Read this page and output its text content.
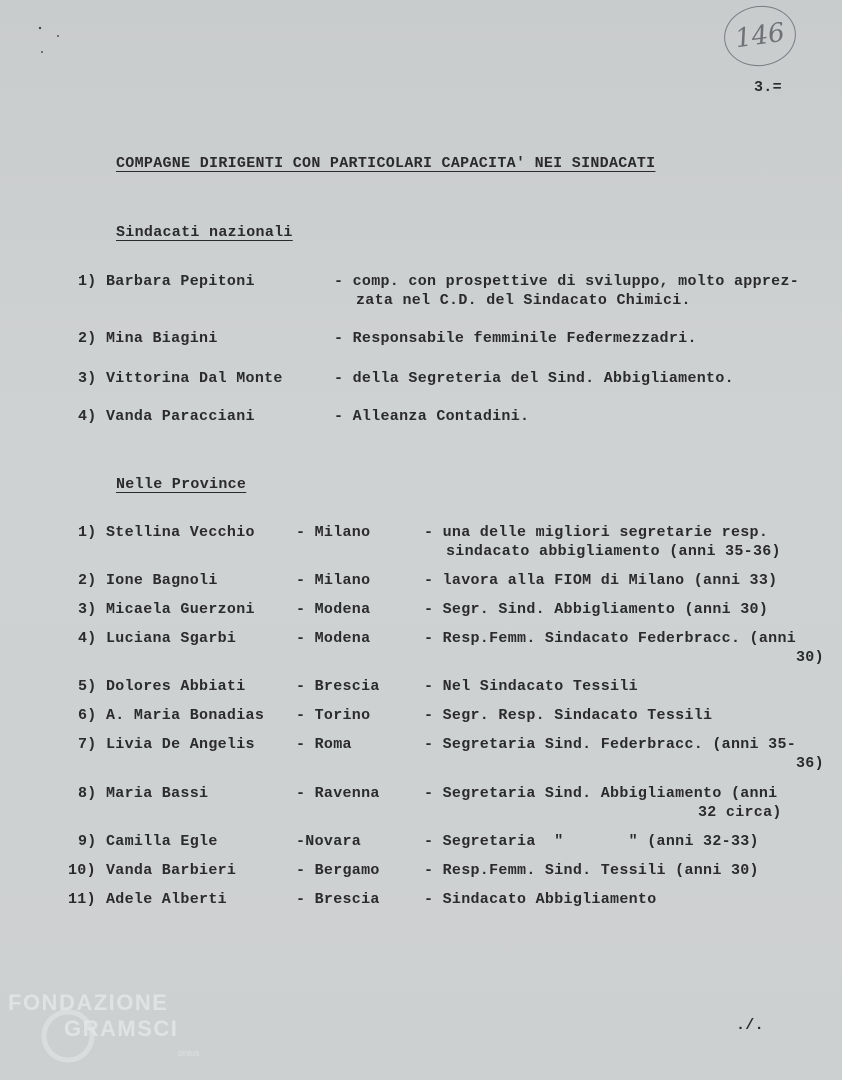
146
3.=
COMPAGNE DIRIGENTI CON PARTICOLARI CAPACITA' NEI SINDACATI
Sindacati nazionali
1) Barbara Pepitoni	- comp. con prospettive di sviluppo, molto apprez-
zata nel C.D. del Sindacato Chimici.
2) Mina Biagini	- Responsabile femminile Feđermezzadri.
3) Vittorina Dal Monte	- della Segreteria del Sind. Abbigliamento.
4) Vanda Paracciani	- Alleanza Contadini.
Nelle Province
1) Stellina Vecchio	- Milano	- una delle migliori segretarie resp.
sindacato abbigliamento (anni 35-36)
2) Ione Bagnoli	- Milano	- lavora alla FIOM di Milano (anni 33)
3) Micaela Guerzoni	- Modena	- Segr. Sind. Abbigliamento (anni 30)
4) Luciana Sgarbi	- Modena	- Resp.Femm. Sindacato Federbracc. (anni
30)
5) Dolores Abbiati	- Brescia	- Nel Sindacato Tessili
6) A. Maria Bonadias - Torino	- Segr. Resp. Sindacato Tessili
7) Livia De Angelis	- Roma	- Segretaria Sind. Federbracc. (anni 35-
36)
8) Maria Bassi	- Ravenna	- Segretaria Sind. Abbigliamento (anni
32 circa)
9) Camilla Egle	-Novara	- Segretaria  "       " (anni 32-33)
10) Vanda Barbieri	- Bergamo	- Resp.Femm. Sind. Tessili (anni 30)
11) Adele Alberti	- Brescia	- Sindacato Abbigliamento
./.
FONDAZIONE
GRAMSCI
onlus
